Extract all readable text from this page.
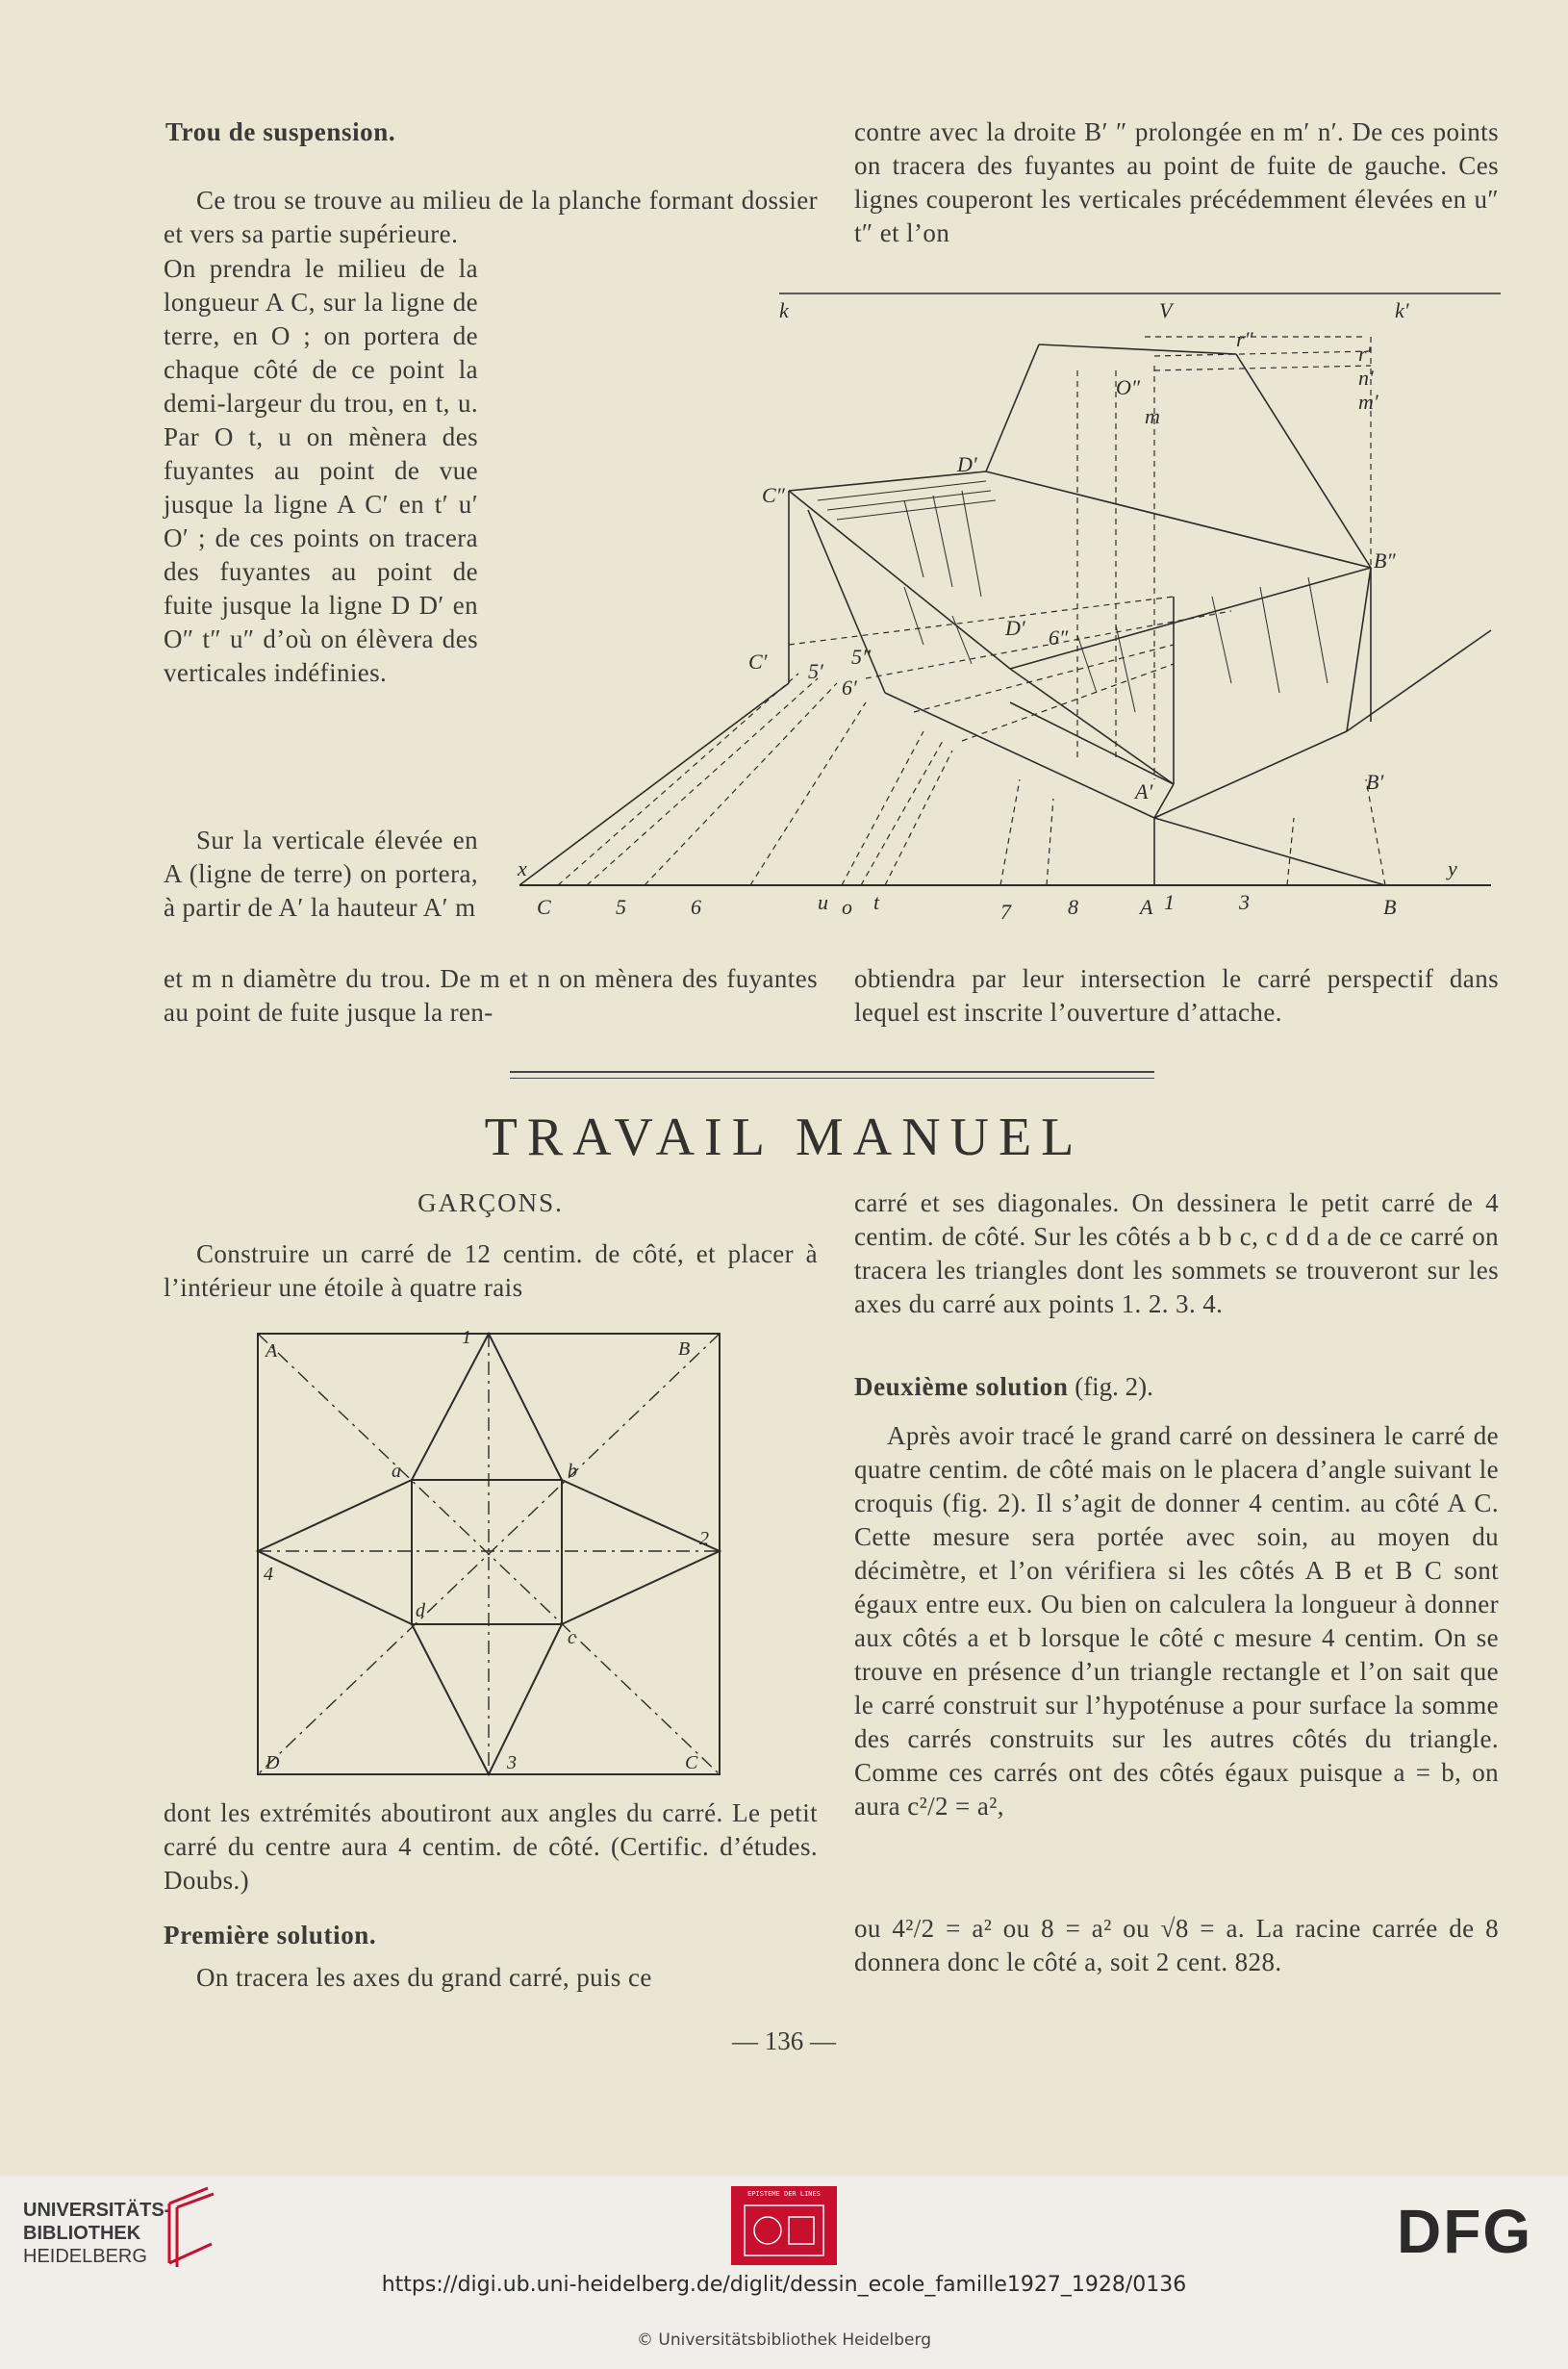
Trou de suspension.
Ce trou se trouve au milieu de la planche formant dossier et vers sa partie supérieure.
On prendra le milieu de la longueur A C, sur la ligne de terre, en O ; on portera de chaque côté de ce point la demi-largeur du trou, en t, u. Par O t, u on mènera des fuyantes au point de vue jusque la ligne A C′ en t′ u′ O′ ; de ces points on tracera des fuyantes au point de fuite jusque la ligne D D′ en O″ t″ u″ d’où on élèvera des verticales indéfinies.
Sur la verticale élevée en A (ligne de terre) on portera, à partir de A′ la hauteur A′ m
et m n diamètre du trou. De m et n on mènera des fuyantes au point de fuite jusque la ren-
contre avec la droite B′ ″ prolongée en m′ n′. De ces points on tracera des fuyantes au point de fuite de gauche. Ces lignes couperont les verticales précédemment élevées en u″ t″ et l’on
obtiendra par leur intersection le carré perspectif dans lequel est inscrite l’ouverture d’attache.
k	V	k′
C″
D′
O″
r″
B″
r′
n′
m′
m
6″
5″
C′ 5′
6′
D′
A′	B′
x	y
C	5	6	u o t	7	8	A 1	3	B
TRAVAIL MANUEL
GARÇONS.
Construire un carré de 12 centim. de côté, et placer à l’intérieur une étoile à quatre rais
A	B
C
D
a	b
c
d
1
2
3
4
dont les extrémités aboutiront aux angles du carré. Le petit carré du centre aura 4 centim. de côté. (Certific. d’études. Doubs.)
Première solution.
On tracera les axes du grand carré, puis ce
carré et ses diagonales. On dessinera le petit carré de 4 centim. de côté. Sur les côtés a b b c, c d d a de ce carré on tracera les triangles dont les sommets se trouveront sur les axes du carré aux points 1. 2. 3. 4.
Deuxième solution (fig. 2).
Après avoir tracé le grand carré on dessinera le carré de quatre centim. de côté mais on le placera d’angle suivant le croquis (fig. 2). Il s’agit de donner 4 centim. au côté A C. Cette mesure sera portée avec soin, au moyen du décimètre, et l’on vérifiera si les côtés A B et B C sont égaux entre eux. Ou bien on calculera la longueur à donner aux côtés a et b lorsque le côté c mesure 4 centim. On se trouve en présence d’un triangle rectangle et l’on sait que le carré construit sur l’hypoténuse a pour surface la somme des carrés construits sur les autres côtés du triangle. Comme ces carrés ont des côtés égaux puisque a = b, on aura c²/2 = a²,
ou 4²/2 = a² ou 8 = a² ou √8 = a. La racine carrée de 8 donnera donc le côté a, soit 2 cent. 828.
— 136 —
UNIVERSITÄTS-
BIBLIOTHEK
HEIDELBERG
EPISTEME DER LINES
DFG
https://digi.ub.uni-heidelberg.de/diglit/dessin_ecole_famille1927_1928/0136
© Universitätsbibliothek Heidelberg
